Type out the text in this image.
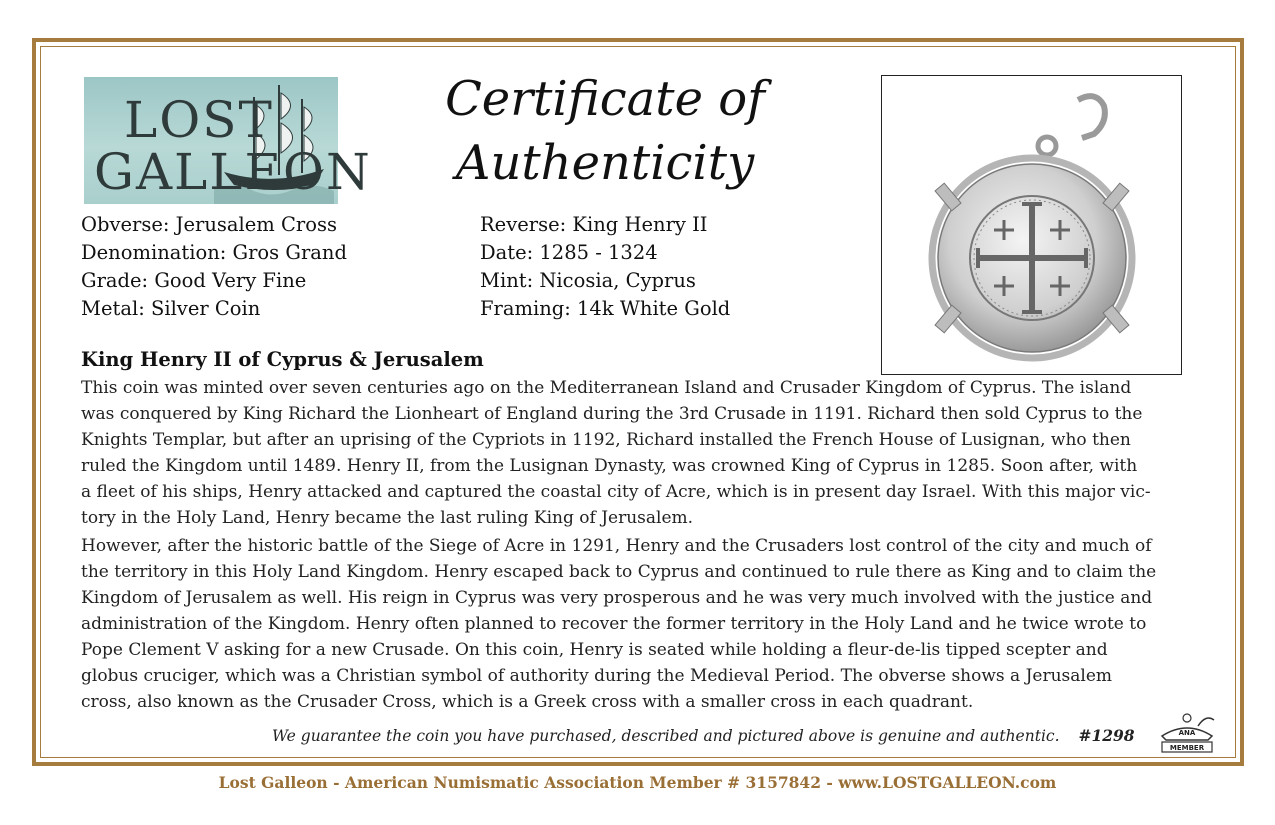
LOST
GALLEON
Certificate of
Authenticity
Obverse: Jerusalem Cross
Denomination: Gros Grand
Grade: Good Very Fine
Metal: Silver Coin
Reverse: King Henry II
Date: 1285 - 1324
Mint: Nicosia, Cyprus
Framing: 14k White Gold
King Henry II of Cyprus & Jerusalem
This coin was minted over seven centuries ago on the Mediterranean Island and Crusader Kingdom of Cyprus. The island
was conquered by King Richard the Lionheart of England during the 3rd Crusade in 1191. Richard then sold Cyprus to the
Knights Templar, but after an uprising of the Cypriots in 1192, Richard installed the French House of Lusignan, who then
ruled the Kingdom until 1489. Henry II, from the Lusignan Dynasty, was crowned King of Cyprus in 1285. Soon after, with
a fleet of his ships, Henry attacked and captured the coastal city of Acre, which is in present day Israel. With this major vic-
tory in the Holy Land, Henry became the last ruling King of Jerusalem.
However, after the historic battle of the Siege of Acre in 1291, Henry and the Crusaders lost control of the city and much of
the territory in this Holy Land Kingdom. Henry escaped back to Cyprus and continued to rule there as King and to claim the
Kingdom of Jerusalem as well. His reign in Cyprus was very prosperous and he was very much involved with the justice and
administration of the Kingdom. Henry often planned to recover the former territory in the Holy Land and he twice wrote to
Pope Clement V asking for a new Crusade. On this coin, Henry is seated while holding a fleur-de-lis tipped scepter and
globus cruciger, which was a Christian symbol of authority during the Medieval Period. The obverse shows a Jerusalem
cross, also known as the Crusader Cross, which is a Greek cross with a smaller cross in each quadrant.
We guarantee the coin you have purchased, described and pictured above is genuine and authentic. #1298	ANA
MEMBER
Lost Galleon - American Numismatic Association Member # 3157842 - www.LOSTGALLEON.com
